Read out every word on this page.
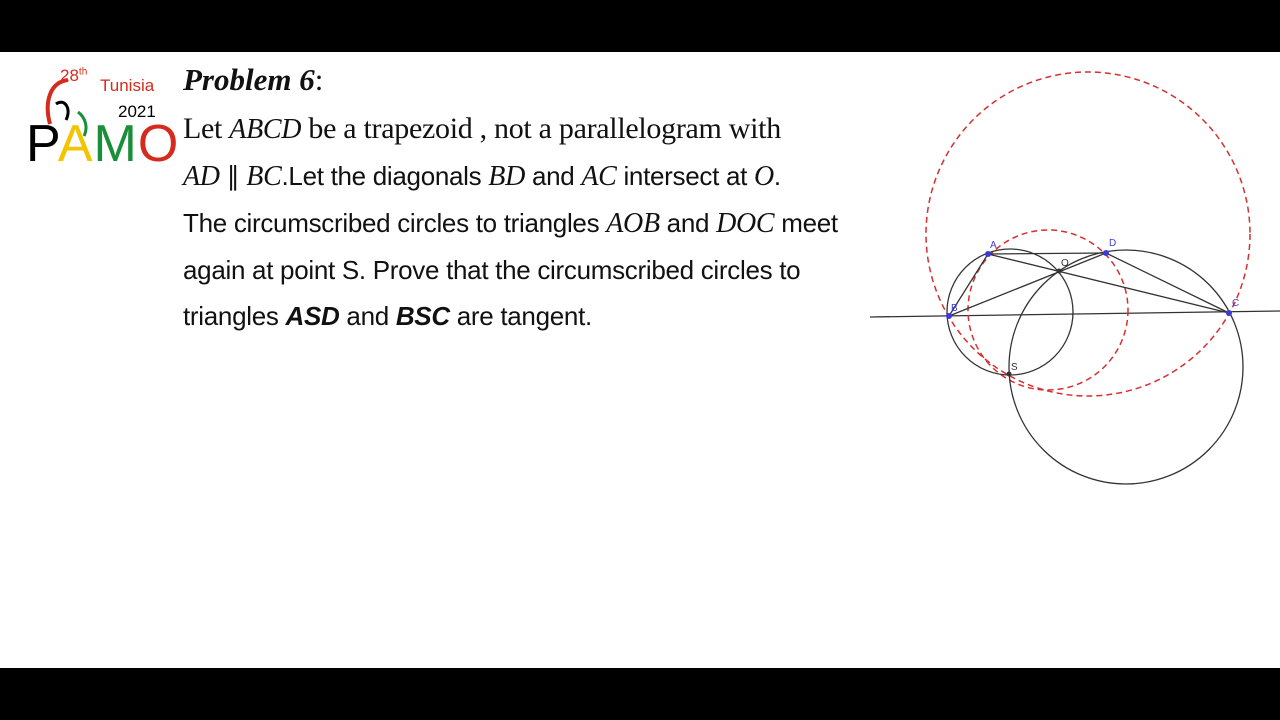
28th
Tunisia
2021
PAMO
Problem 6:
Let ABCD be a trapezoid , not a parallelogram with
AD ∥ BC.Let the diagonals BD and AC intersect at O.
The circumscribed circles to triangles AOB and DOC meet
again at point S. Prove that the circumscribed circles to
triangles ASD and BSC are tangent.
A
B	C
D
O
S
